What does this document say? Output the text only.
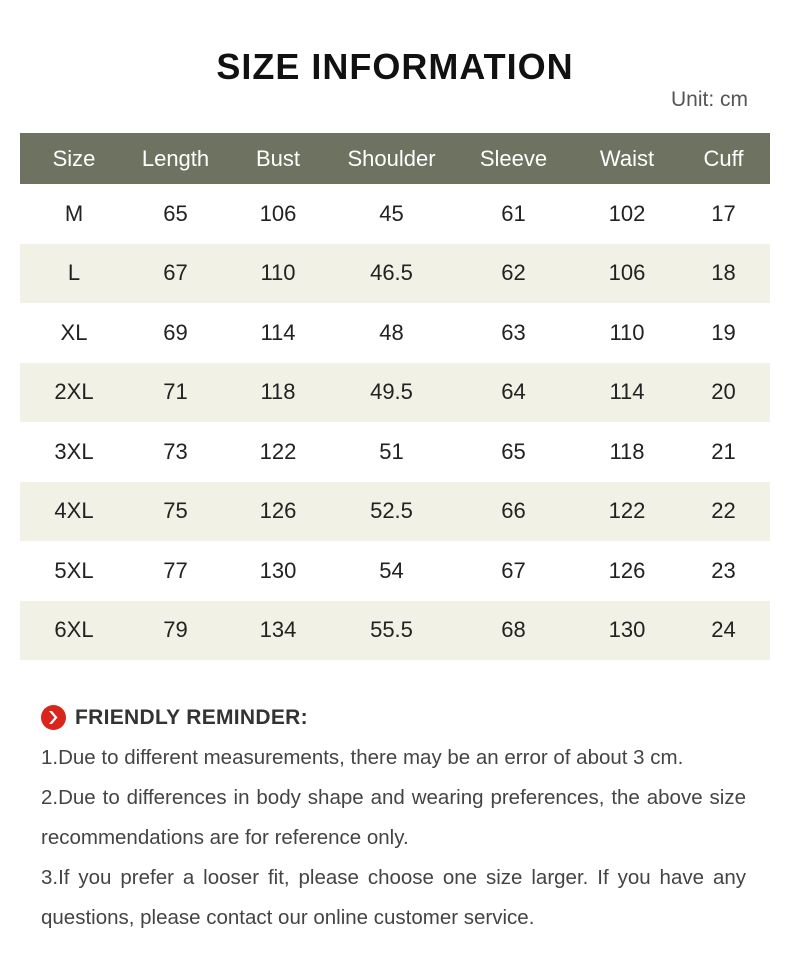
SIZE INFORMATION
Unit: cm
Size	Length	Bust	Shoulder	Sleeve	Waist	Cuff
M	65	106	45	61	102	17
L	67	110	46.5	62	106	18
XL	69	114	48	63	110	19
2XL	71	118	49.5	64	114	20
3XL	73	122	51	65	118	21
4XL	75	126	52.5	66	122	22
5XL	77	130	54	67	126	23
6XL	79	134	55.5	68	130	24
FRIENDLY REMINDER:

1.Due to different measurements, there may be an error of about 3 cm.

2.Due to differences in body shape and wearing preferences, the above size recommendations are for reference only.

3.If you prefer a looser fit, please choose one size larger. If you have any questions, please contact our online customer service.
